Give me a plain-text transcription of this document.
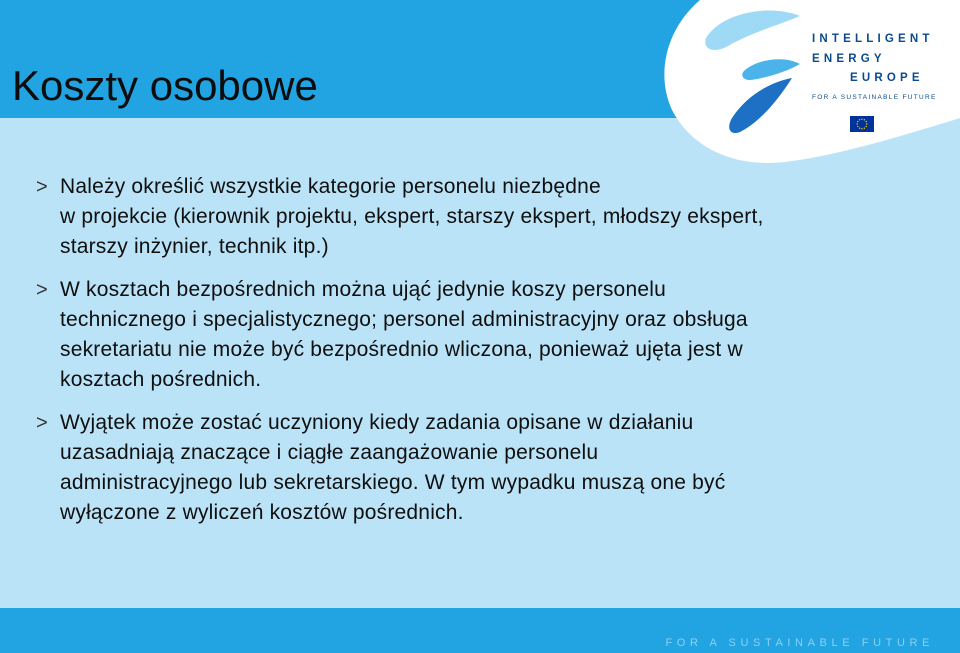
INTELLIGENT
ENERGY
EUROPE
FOR A SUSTAINABLE FUTURE
Koszty osobowe
> Należy określić wszystkie kategorie personelu niezbędne
w projekcie (kierownik projektu, ekspert, starszy ekspert, młodszy ekspert,
starszy inżynier, technik itp.)
> W kosztach bezpośrednich można ująć jedynie koszy personelu
technicznego i specjalistycznego; personel administracyjny oraz obsługa
sekretariatu nie może być bezpośrednio wliczona, ponieważ ujęta jest w
kosztach pośrednich.
> Wyjątek może zostać uczyniony kiedy zadania opisane w działaniu
uzasadniają znaczące i ciągłe zaangażowanie personelu
administracyjnego lub sekretarskiego. W tym wypadku muszą one być
wyłączone z wyliczeń kosztów pośrednich.
FOR A SUSTAINABLE FUTURE
